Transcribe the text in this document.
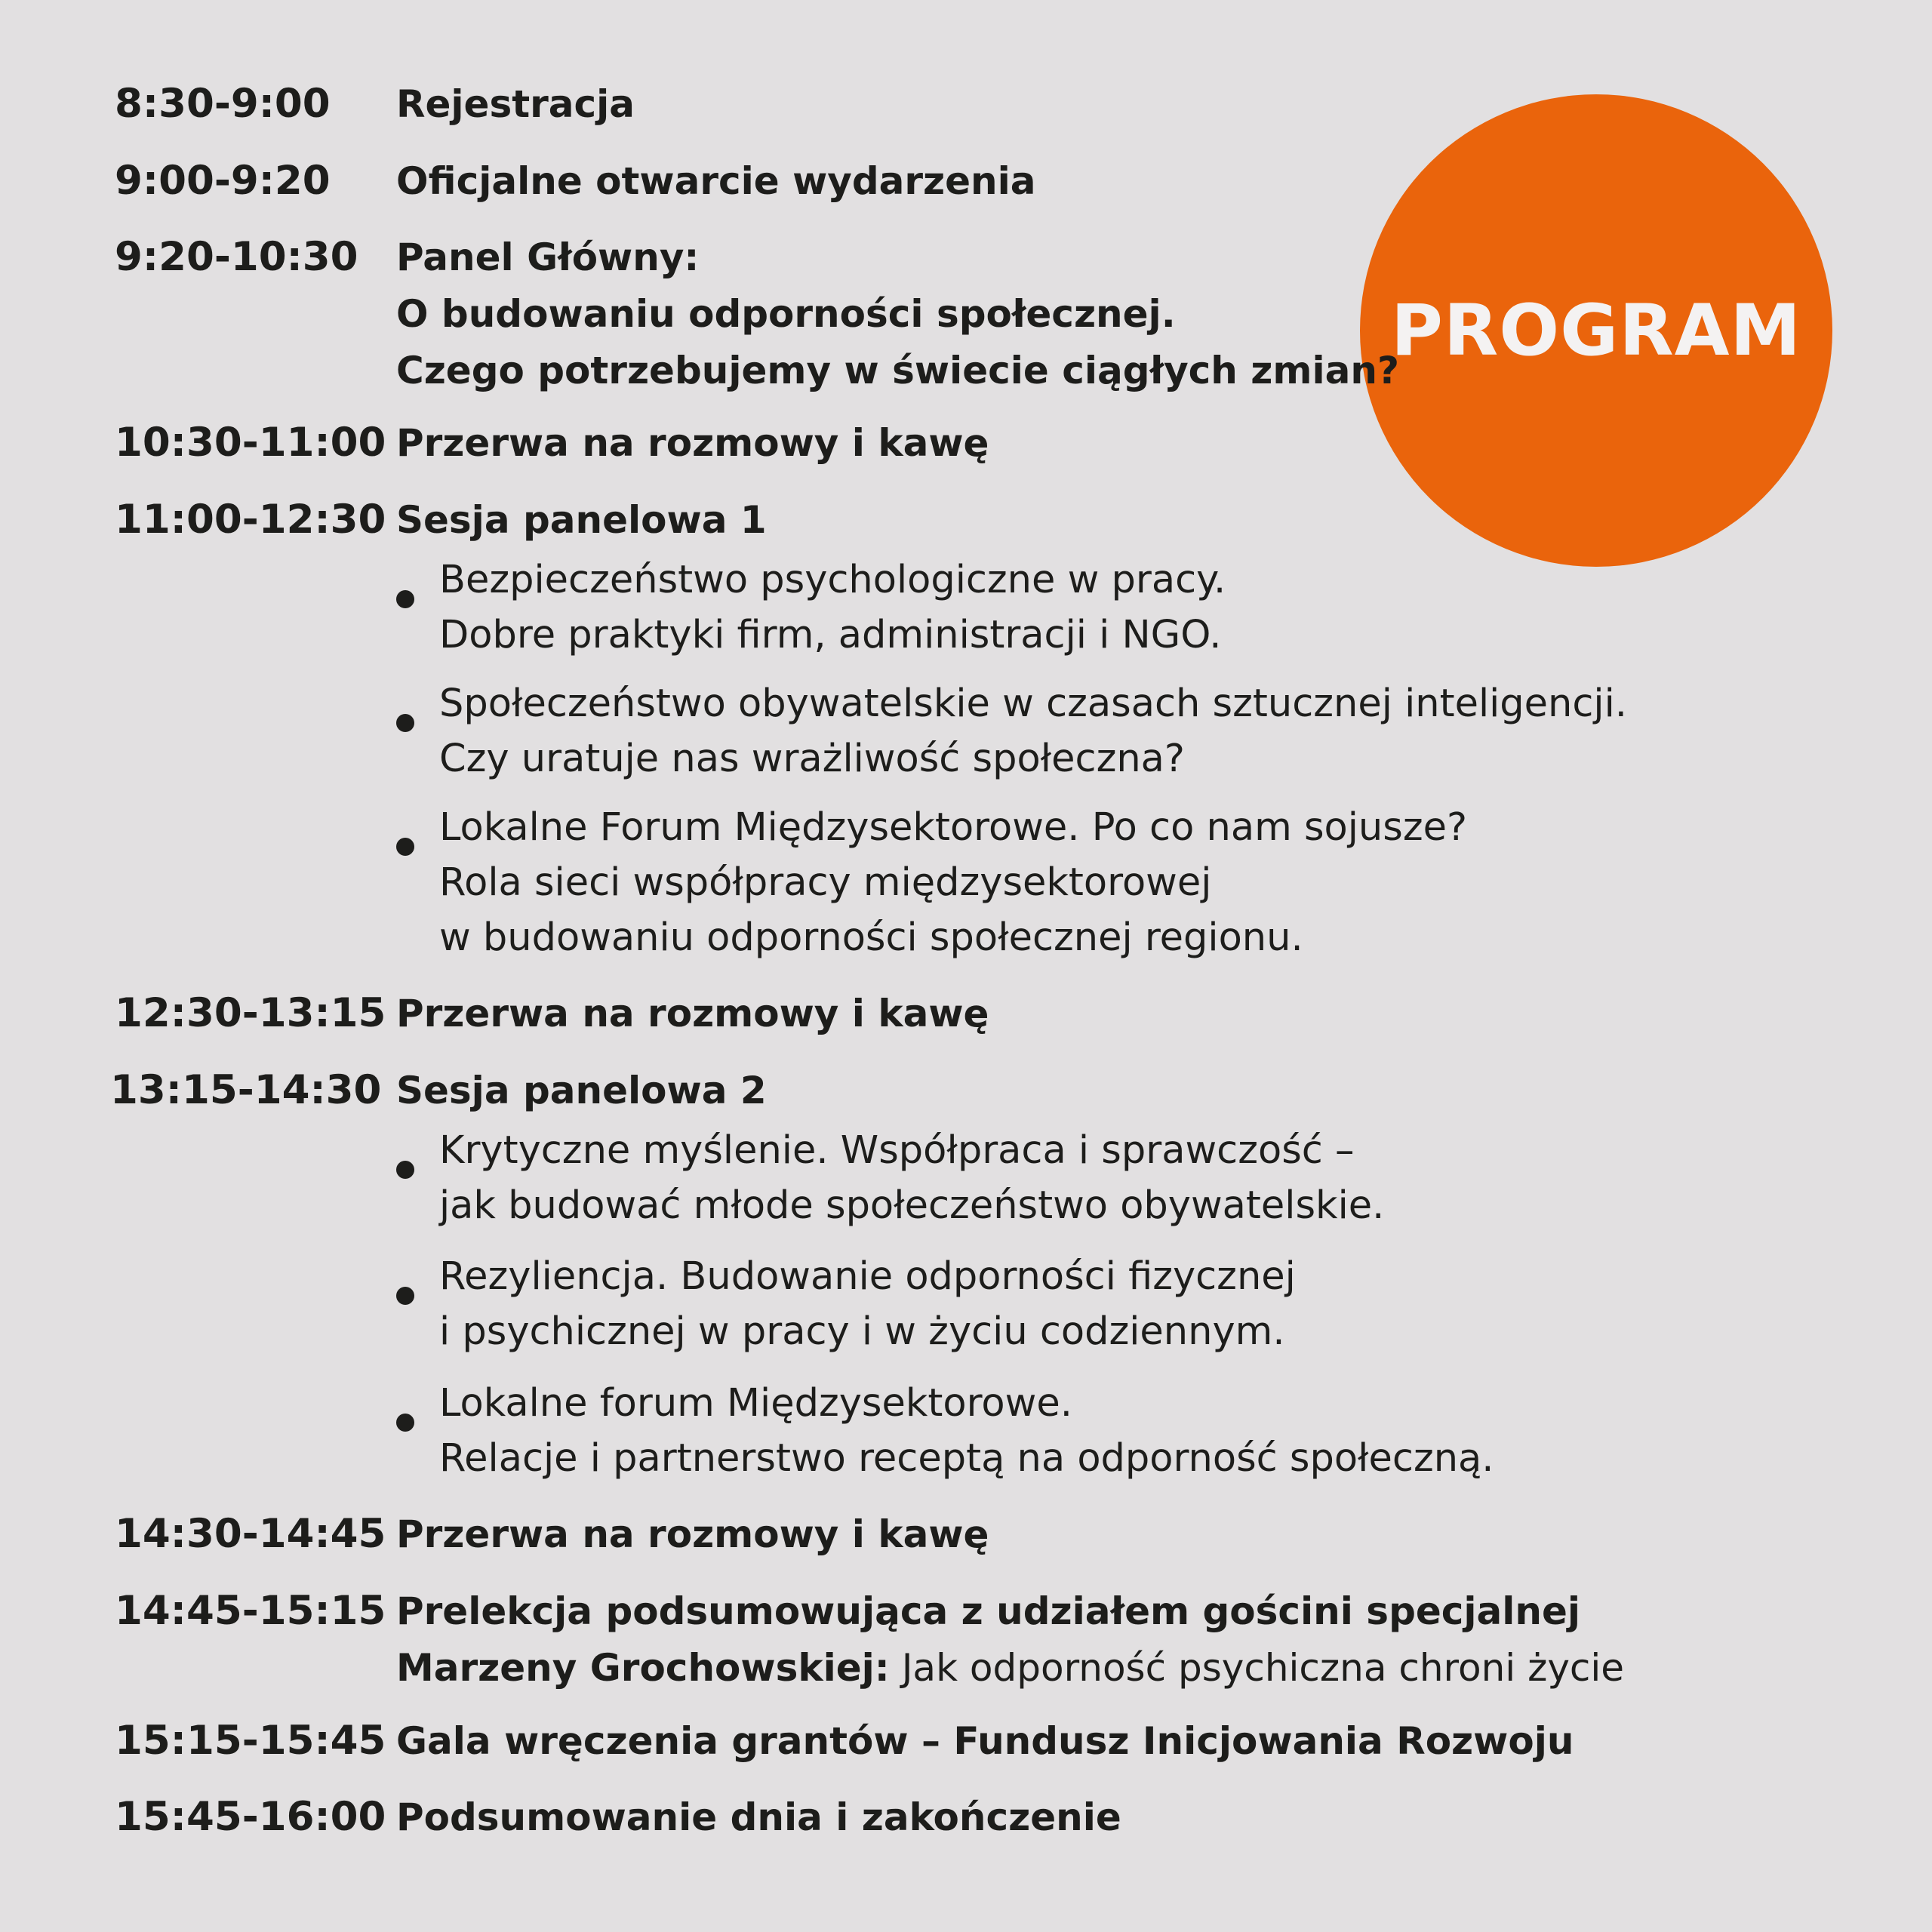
PROGRAM
8:30-9:00 Rejestracja
9:00-9:20 Oficjalne otwarcie wydarzenia
9:20-10:30 Panel Główny:
O budowaniu odporności społecznej.
Czego potrzebujemy w świecie ciągłych zmian?
10:30-11:00 Przerwa na rozmowy i kawę
11:00-12:30 Sesja panelowa 1
Bezpieczeństwo psychologiczne w pracy.
Dobre praktyki firm, administracji i NGO.
Społeczeństwo obywatelskie w czasach sztucznej inteligencji.
Czy uratuje nas wrażliwość społeczna?
Lokalne Forum Międzysektorowe. Po co nam sojusze?
Rola sieci współpracy międzysektorowej
w budowaniu odporności społecznej regionu.
12:30-13:15 Przerwa na rozmowy i kawę
13:15-14:30 Sesja panelowa 2
Krytyczne myślenie. Współpraca i sprawczość –
jak budować młode społeczeństwo obywatelskie.
Rezyliencja. Budowanie odporności fizycznej
i psychicznej w pracy i w życiu codziennym.
Lokalne forum Międzysektorowe.
Relacje i partnerstwo receptą na odporność społeczną.
14:30-14:45 Przerwa na rozmowy i kawę
14:45-15:15 Prelekcja podsumowująca z udziałem gościni specjalnej
Marzeny Grochowskiej: Jak odporność psychiczna chroni życie
15:15-15:45 Gala wręczenia grantów – Fundusz Inicjowania Rozwoju
15:45-16:00 Podsumowanie dnia i zakończenie
